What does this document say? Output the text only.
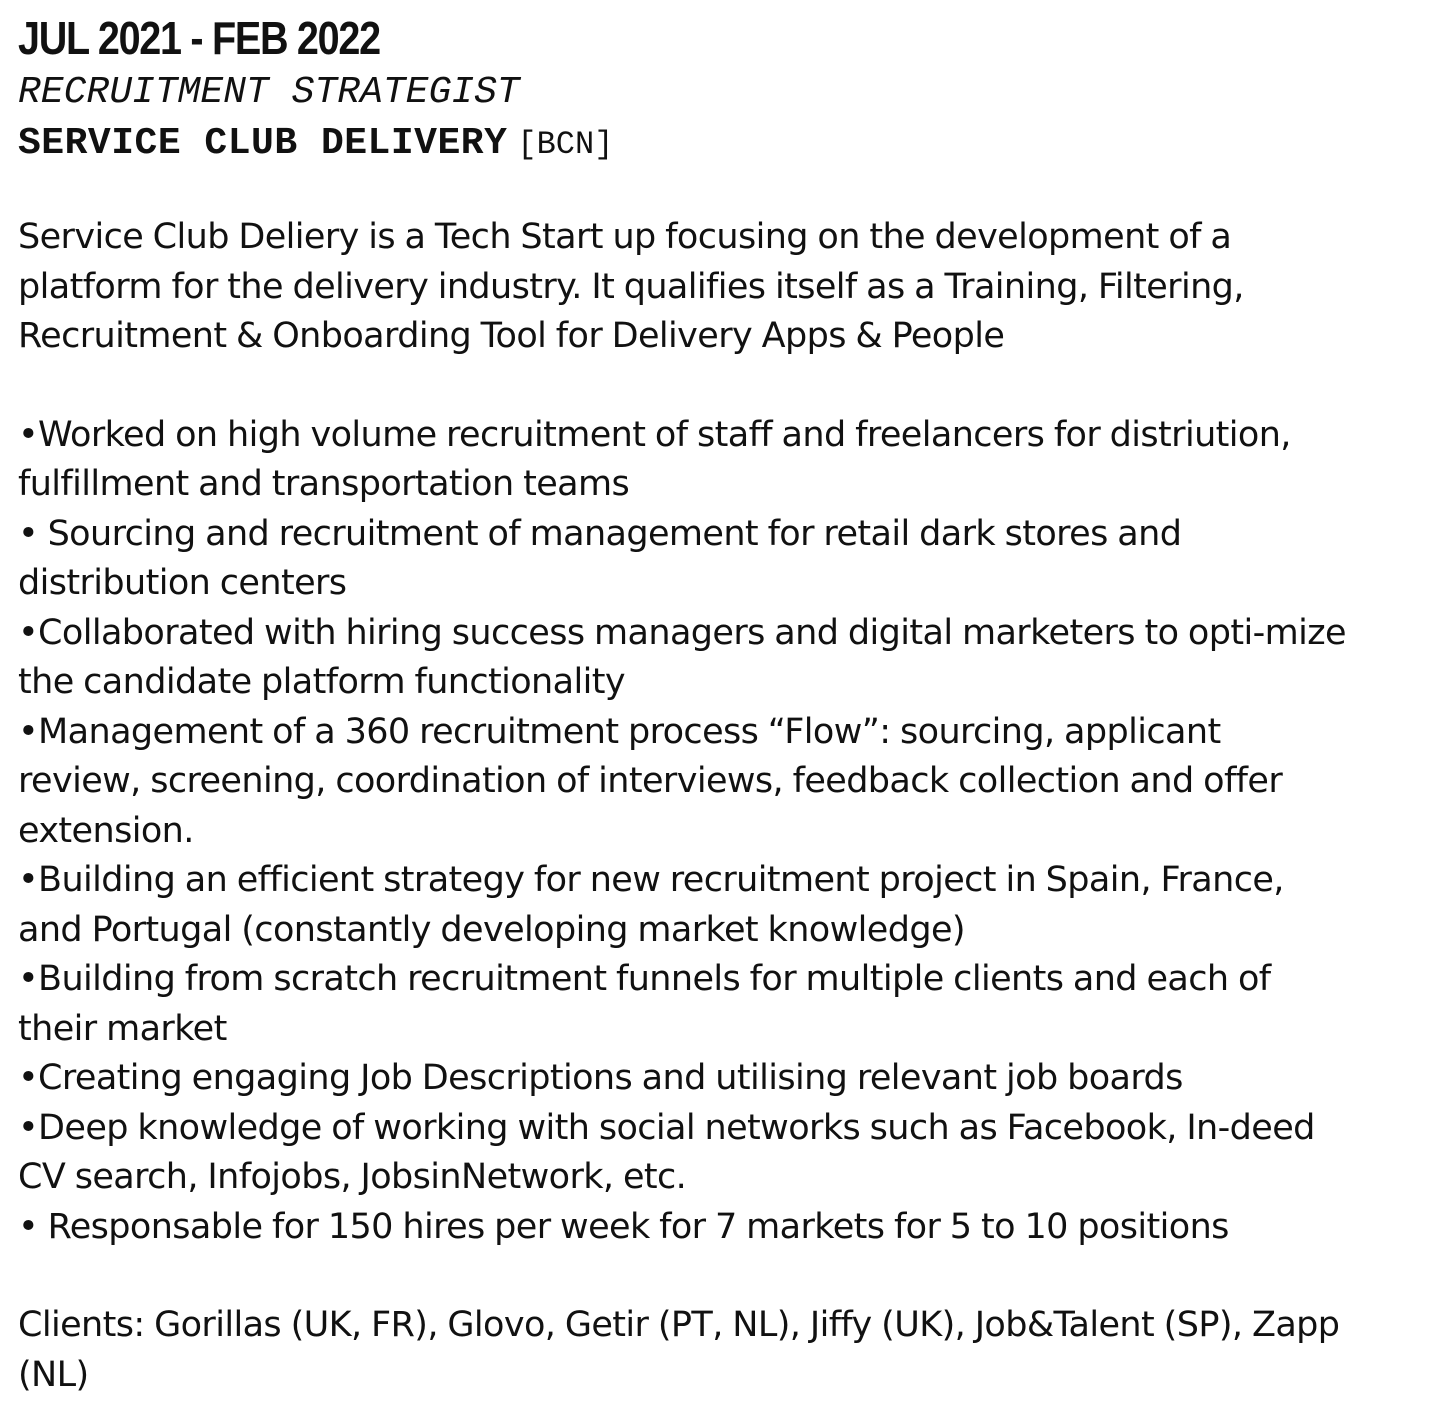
JUL 2021 - FEB 2022
RECRUITMENT STRATEGIST
SERVICE CLUB DELIVERY [BCN]

Service Club Deliery is a Tech Start up focusing on the development of a platform for the delivery industry. It qualifies itself as a Training, Filtering, Recruitment & Onboarding Tool for Delivery Apps & People

•Worked on high volume recruitment of staff and freelancers for distriution, fulfillment and transportation teams
• Sourcing and recruitment of management for retail dark stores and distribution centers
•Collaborated with hiring success managers and digital marketers to opti-mize the candidate platform functionality
•Management of a 360 recruitment process “Flow”: sourcing, applicant review, screening, coordination of interviews, feedback collection and offer extension.
•Building an efficient strategy for new recruitment project in Spain, France, and Portugal (constantly developing market knowledge)
•Building from scratch recruitment funnels for multiple clients and each of their market
•Creating engaging Job Descriptions and utilising relevant job boards
•Deep knowledge of working with social networks such as Facebook, In-deed CV search, Infojobs, JobsinNetwork, etc.
• Responsable for 150 hires per week for 7 markets for 5 to 10 positions

Clients: Gorillas (UK, FR), Glovo, Getir (PT, NL), Jiffy (UK), Job&Talent (SP), Zapp (NL)
